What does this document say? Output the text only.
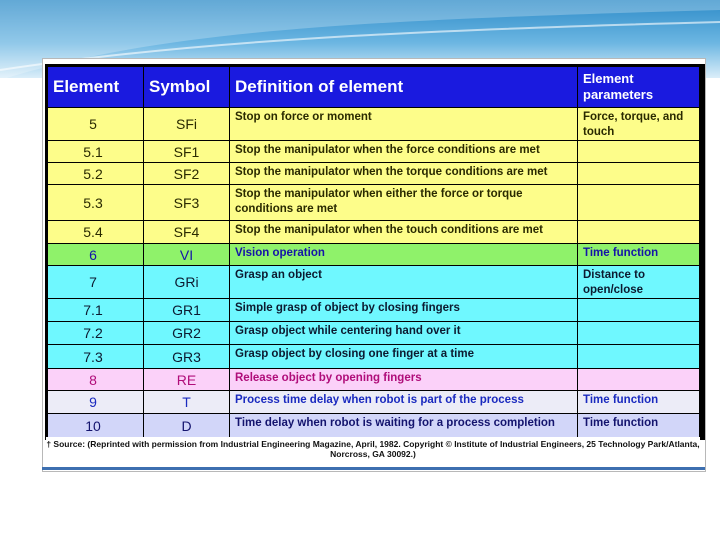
Element	Symbol	Definition of element	Element parameters
5	SFi	Stop on force or moment	Force, torque, and touch
5.1	SF1	Stop the manipulator when the force conditions are met	
5.2	SF2	Stop the manipulator when the torque conditions are met	
5.3	SF3	Stop the manipulator when either the force or torque conditions are met	
5.4	SF4	Stop the manipulator when the touch conditions are met	
6	VI	Vision operation	Time function
7	GRi	Grasp an object	Distance to open/close
7.1	GR1	Simple grasp of object by closing fingers	
7.2	GR2	Grasp object while centering hand over it	
7.3	GR3	Grasp object by closing one finger at a time	
8	RE	Release object by opening fingers	
9	T	Process time delay when robot is part of the process	Time function
10	D	Time delay when robot is waiting for a process completion	Time function
† Source: (Reprinted with permission from Industrial Engineering Magazine, April, 1982. Copyright © Institute of Industrial Engineers, 25 Technology Park/Atlanta, Norcross, GA 30092.)
